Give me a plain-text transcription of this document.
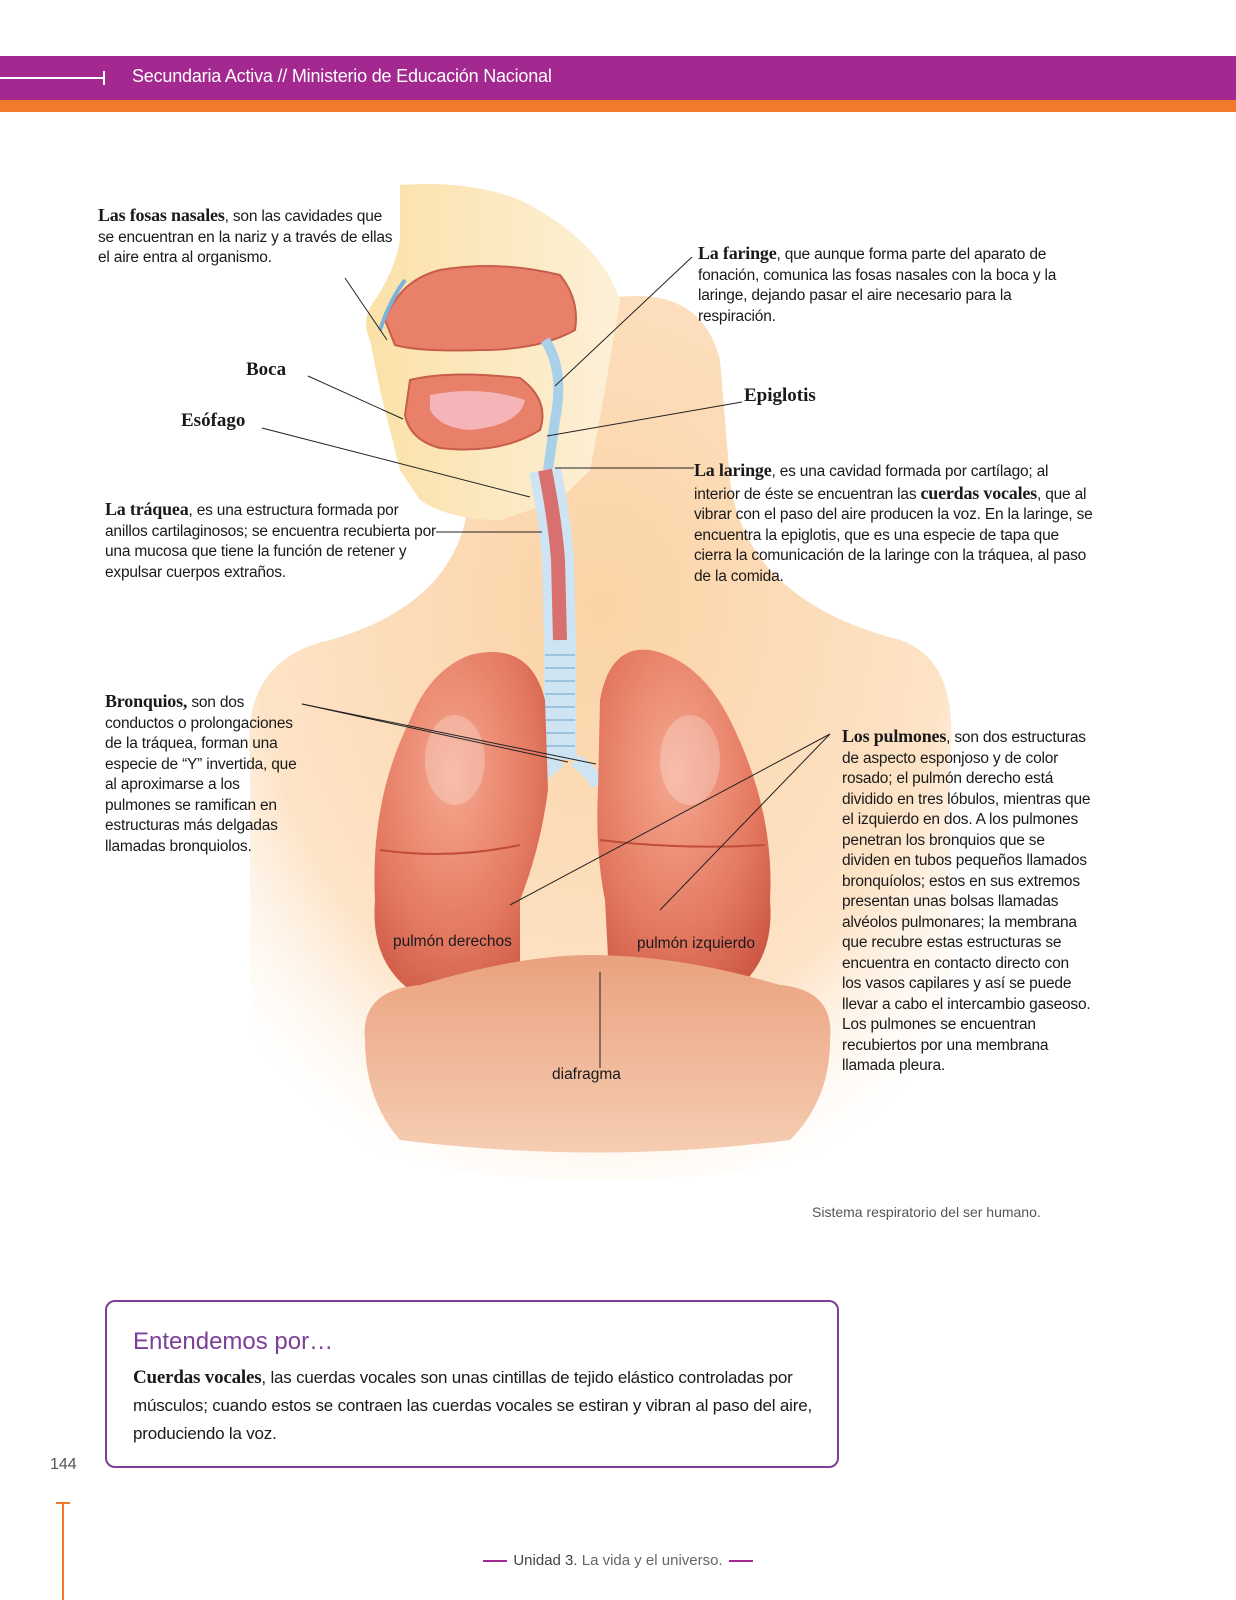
Secundaria Activa // Ministerio de Educación Nacional
Las fosas nasales, son las cavidades que se encuentran en la nariz y a través de ellas el aire entra al organismo.	La faringe, que aunque forma parte del aparato de fonación, comunica las fosas nasales con la boca y la laringe, dejando pasar el aire necesario para la respiración.
Boca
Esófago
Epiglotis
La laringe, es una cavidad formada por cartílago; al interior de éste se encuentran las cuerdas vocales, que al vibrar con el paso del aire producen la voz. En la laringe, se encuentra la epiglotis, que es una especie de tapa que cierra la comunicación de la laringe con la tráquea, al paso de la comida.
La tráquea, es una estructura formada por anillos cartilaginosos; se encuentra recubierta por una mucosa que tiene la función de retener y expulsar cuerpos extraños.
Bronquios, son dos conductos o prolongaciones de la tráquea, forman una especie de “Y” invertida, que al aproximarse a los pulmones se ramifican en estructuras más delgadas llamadas bronquiolos.
Los pulmones, son dos estructuras de aspecto esponjoso y de color rosado; el pulmón derecho está dividido en tres lóbulos, mientras que el izquierdo en dos. A los pulmones penetran los bronquios que se dividen en tubos pequeños llamados bronquíolos; estos en sus extremos presentan unas bolsas llamadas alvéolos pulmonares; la membrana que recubre estas estructuras se encuentra en contacto directo con los vasos capilares y así se puede llevar a cabo el intercambio gaseoso. Los pulmones se encuentran recubiertos por una membrana llamada pleura.
pulmón derechos	pulmón izquierdo
diafragma
Sistema respiratorio del ser humano.
Entendemos por…
Cuerdas vocales, las cuerdas vocales son unas cintillas de tejido elástico controladas por músculos; cuando estos se contraen las cuerdas vocales se estiran y vibran al paso del aire, produciendo la voz.
144
Unidad 3. La vida y el universo.
